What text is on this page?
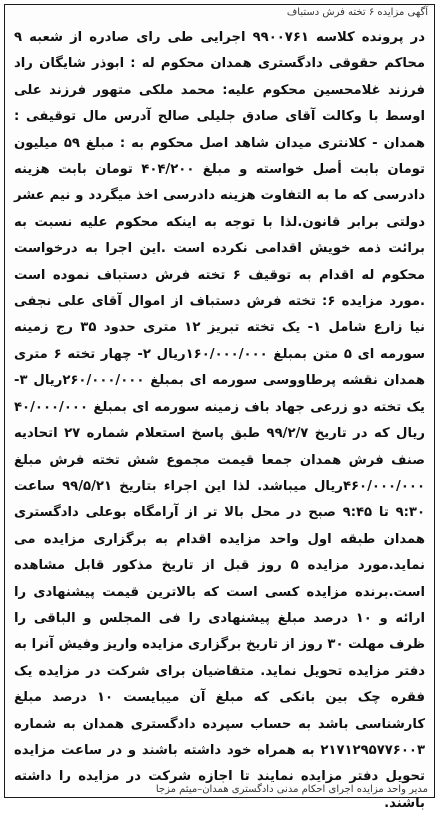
آگهی مزایده ۶ تخته فرش دستباف

در پرونده کلاسه ۹۹۰۰۷۶۱ اجرایی طی رای صادره از شعبه ۹ محاکم حقوقی دادگستری همدان محکوم له : ابوذر شایگان راد فرزند غلامحسین محکوم علیه: محمد ملکی متهور فرزند علی اوسط با وکالت آقای صادق جلیلی صالح آدرس مال توقیفی : همدان - کلانتری میدان شاهد اصل محکوم به : مبلغ ۵۹ میلیون تومان بابت أصل خواسته و مبلغ ۴۰۴/۲۰۰ تومان بابت هزینه دادرسی که ما به التفاوت هزینه دادرسی اخذ میگردد و نیم عشر دولتی برابر قانون.لذا با توجه به اینکه محکوم علیه نسبت به برائت ذمه خویش اقدامی نکرده است .این اجرا به درخواست محکوم له اقدام به توقیف ۶ تخته فرش دستباف نموده است .مورد مزایده ۶: تخته فرش دستباف از اموال آقای علی نجفی نیا زارع شامل ۱- یک تخته تبریز ۱۲ متری حدود ۳۵ رج زمینه سورمه ای ۵ متن بمبلغ ۱۶۰/۰۰۰/۰۰۰ریال ۲- چهار تخته ۶ متری همدان نقشه پرطاووسی سورمه ای بمبلغ ۲۶۰/۰۰۰/۰۰۰ریال ۳- یک تخته دو زرعی جهاد باف زمینه سورمه ای بمبلغ ۴۰/۰۰۰/۰۰۰ ریال که در تاریخ ۹۹/۲/۷ طبق پاسخ استعلام شماره ۲۷ اتحادیه صنف فرش همدان جمعا قیمت مجموع شش تخته فرش مبلغ ۴۶۰/۰۰۰/۰۰۰ریال میباشد. لذا این اجراء بتاریخ ۹۹/۵/۲۱ ساعت ۹:۳۰ تا ۹:۴۵ صبح در محل بالا تر از آرامگاه بوعلی دادگستری همدان طبقه اول واحد مزایده اقدام به برگزاری مزایده می نماید.مورد مزایده ۵ روز قبل از تاریخ مذکور قابل مشاهده است.برنده مزایده کسی است که بالاترین قیمت پیشنهادی را ارائه و ۱۰ درصد مبلغ پیشنهادی را فی المجلس و الباقی را ظرف مهلت ۳۰ روز از تاریخ برگزاری مزایده واریز وفیش آنرا به دفتر مزایده تحویل نماید. متقاضیان برای شرکت در مزایده یک فقره چک بین بانکی که مبلغ آن میبایست ۱۰ درصد مبلغ کارشناسی باشد به حساب سپرده دادگستری همدان به شماره ۲۱۷۱۲۹۵۷۷۶۰۰۳ به همراه خود داشته باشند و در ساعت مزایده تحویل دفتر مزایده نمایند تا اجازه شرکت در مزایده را داشته باشند.

مدیر واحد مزایده اجرای احکام مدنی دادگستری همدان–میثم مزجا
